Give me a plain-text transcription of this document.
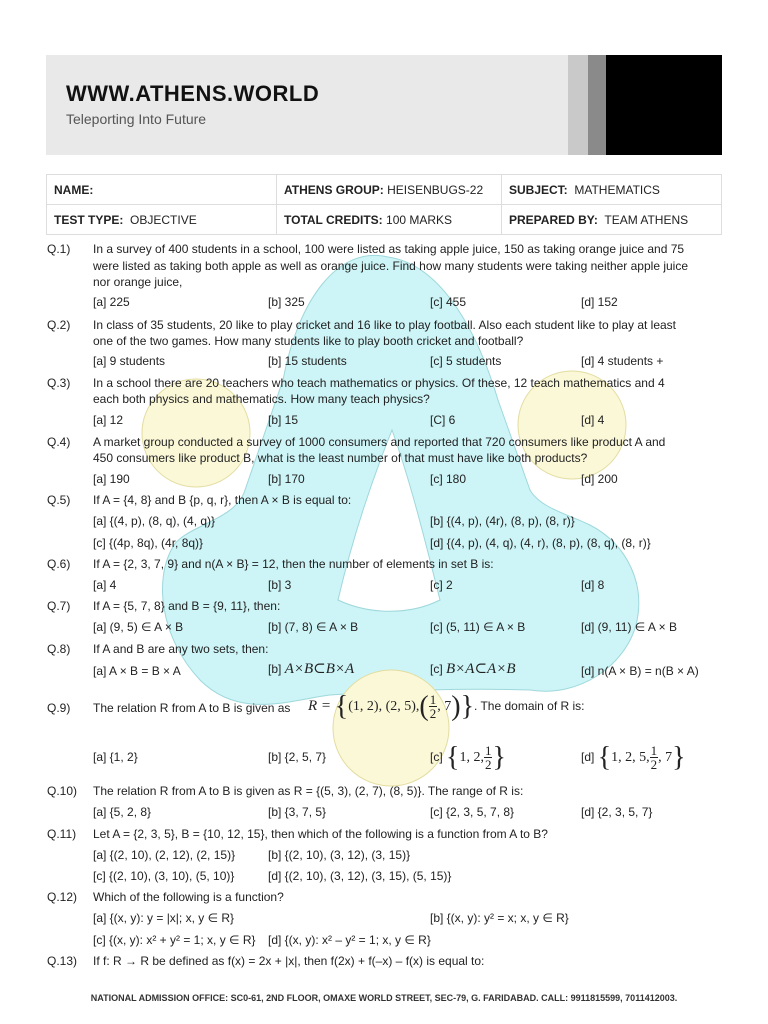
WWW.ATHENS.WORLD
Teleporting Into Future
NAME:	ATHENS GROUP: HEISENBUGS-22	SUBJECT: MATHEMATICS
TEST TYPE: OBJECTIVE	TOTAL CREDITS: 100 MARKS	PREPARED BY: TEAM ATHENS
Q.1) In a survey of 400 students in a school, 100 were listed as taking apple juice, 150 as taking orange juice and 75
were listed as taking both apple as well as orange juice. Find how many students were taking neither apple juice
nor orange juice,
[a] 225	[b] 325	[c] 455	[d] 152
Q.2) In class of 35 students, 20 like to play cricket and 16 like to play football. Also each student like to play at least
one of the two games. How many students like to play booth cricket and football?
[a] 9 students	[b] 15 students	[c] 5 students	[d] 4 students +
Q.3) In a school there are 20 teachers who teach mathematics or physics. Of these, 12 teach mathematics and 4
each both physics and mathematics. How many teach physics?
[a] 12	[b] 15	[C] 6	[d] 4
Q.4) A market group conducted a survey of 1000 consumers and reported that 720 consumers like product A and
450 consumers like product B, what is the least number of that must have like both products?
[a] 190	[b] 170	[c] 180	[d] 200
Q.5) If A = {4, 8} and B {p, q, r}, then A × B is equal to:
[a] {(4, p), (8, q), (4, q)}	[b] {(4, p), (4r), (8, p), (8, r)}
[c] {(4p, 8q), (4r, 8q)}	[d] {(4, p), (4, q), (4, r), (8, p), (8, q), (8, r)}
Q.6) If A = {2, 3, 7, 9} and n(A × B} = 12, then the number of elements in set B is:
[a] 4	[b] 3	[c] 2	[d] 8
Q.7) If A = {5, 7, 8} and B = {9, 11}, then:
[a] (9, 5) ∈ A × B	[b] (7, 8) ∈ A × B	[c] (5, 11) ∈ A × B	[d] (9, 11) ∈ A × B
Q.8) If A and B are any two sets, then:
[a] A × B = B × A	[b] A×B⊂B×A	[c] B×A⊂A×B	[d] n(A × B) = n(B × A)
Q.9) The relation R from A to B is given as R = {(1, 2), (2, $5),( \frac{1}{2}$ , 7)}. The domain of R is:
[a] {1, 2}	[b] {2, 5, 7}	[c] {1, 2, $\frac{1}{2}$ }	[d] {1, 2, 5, $\frac{1}{2}$ , 7}
Q.10) The relation R from A to B is given as R = {(5, 3), (2, 7), (8, 5)}. The range of R is:
[a] {5, 2, 8}	[b] {3, 7, 5}	[c] {2, 3, 5, 7, 8}	[d] {2, 3, 5, 7}
Q.11) Let A = {2, 3, 5}, B = {10, 12, 15}, then which of the following is a function from A to B?
[a] {(2, 10), (2, 12), (2, 15)}	[b] {(2, 10), (3, 12), (3, 15)}
[c] {(2, 10), (3, 10), (5, 10)}	[d] {(2, 10), (3, 12), (3, 15), (5, 15)}
Q.12) Which of the following is a function?
[a] {(x, y): y = |x|; x, y ∈ R}	[b] {(x, y): y² = x; x, y ∈ R}
[c] {(x, y): x² + y² = 1; x, y ∈ R} [d] {(x, y): x² – y² = 1; x, y ∈ R}
Q.13) If f: R → R be defined as f(x) = 2x + |x|, then f(2x) + f(–x) – f(x) is equal to:
NATIONAL ADMISSION OFFICE: SC0-61, 2ND FLOOR, OMAXE WORLD STREET, SEC-79, G. FARIDABAD. CALL: 9911815599, 7011412003.
